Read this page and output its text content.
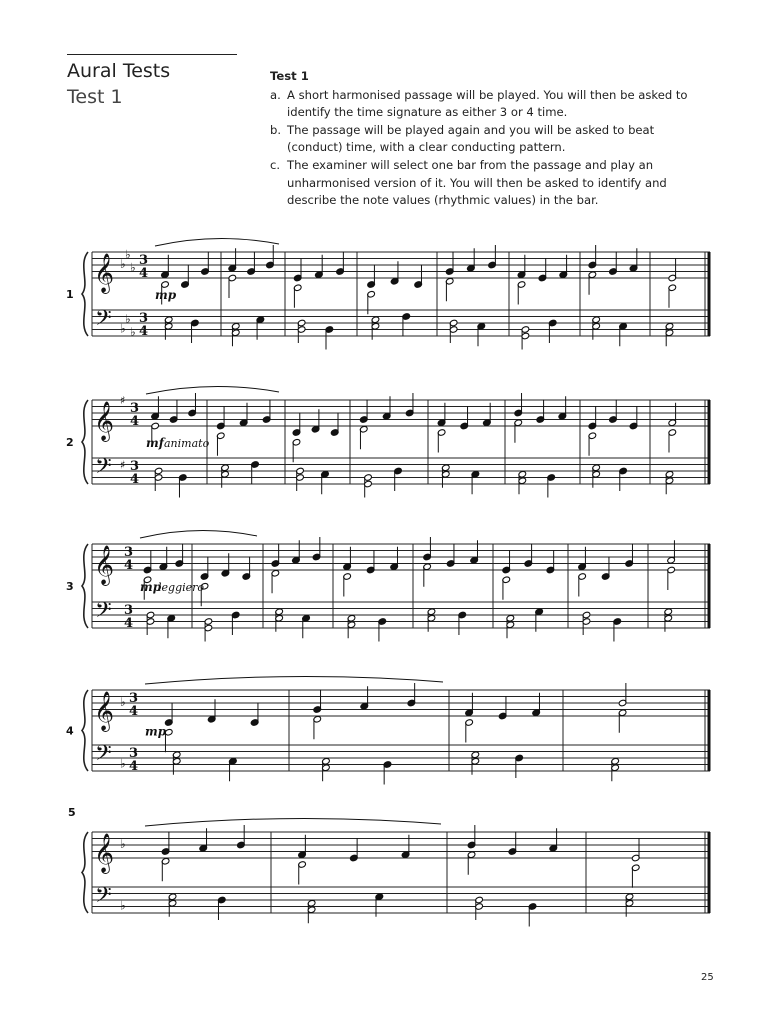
Aural Tests
Test 1
Test 1
a. A short harmonised passage will be played. You will then be asked to identify the time signature as either 3 or 4 time.
b. The passage will be played again and you will be asked to beat (conduct) time, with a clear conducting pattern.
c. The examiner will select one bar from the passage and play an unharmonised version of it. You will then be asked to identify and describe the note values (rhythmic values) in the bar.
1
𝄞
𝄢
♭
♭
♭
♭
♭
♭
3
4
3
4
mp
2
𝄞
𝄢
♯
♯
3
4
3
4
mf animato
3
𝄞
𝄢
3
4
3
4
mp
leggiero
4 𝄞
𝄢
♭
♭
3
4
3
4
mp
5
𝄞
𝄢
♭
♭
25
